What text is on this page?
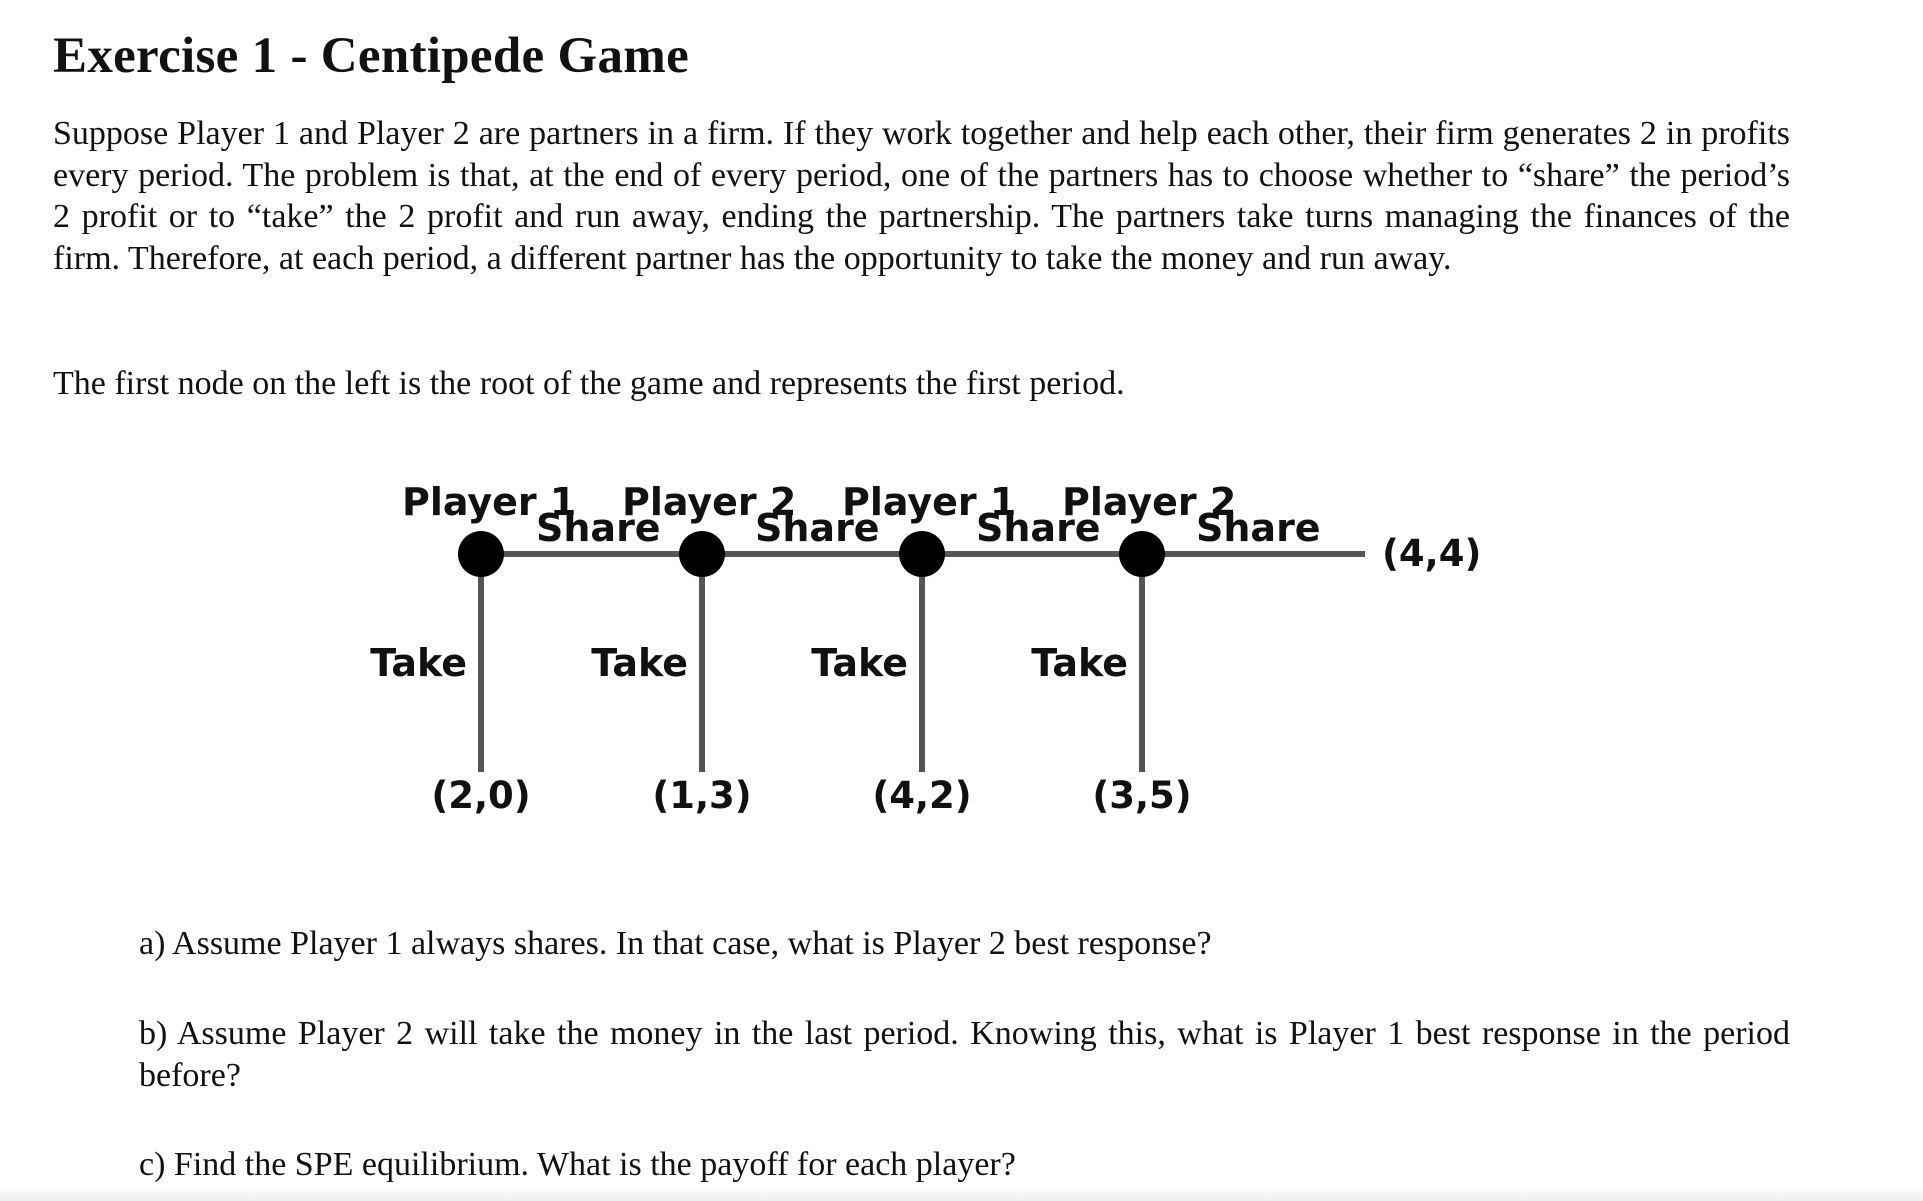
Exercise 1 - Centipede Game

Suppose Player 1 and Player 2 are partners in a firm. If they work together and help each other, their firm generates 2 in profits every period. The problem is that, at the end of every period, one of the partners has to choose whether to “share” the period’s 2 profit or to “take” the 2 profit and run away, ending the partnership. The partners take turns managing the finances of the firm. Therefore, at each period, a different partner has the opportunity to take the money and run away.

The first node on the left is the root of the game and represents the first period.

Player 1 Player 2 Player 1 Player 2
Share Share	Share	Share
(4,4)
Take	Take	Take	Take
(2,0)	(1,3)	(4,2)	(3,5)

a) Assume Player 1 always shares. In that case, what is Player 2 best response?

b) Assume Player 2 will take the money in the last period. Knowing this, what is Player 1 best response in the period before?

c) Find the SPE equilibrium. What is the payoff for each player?
